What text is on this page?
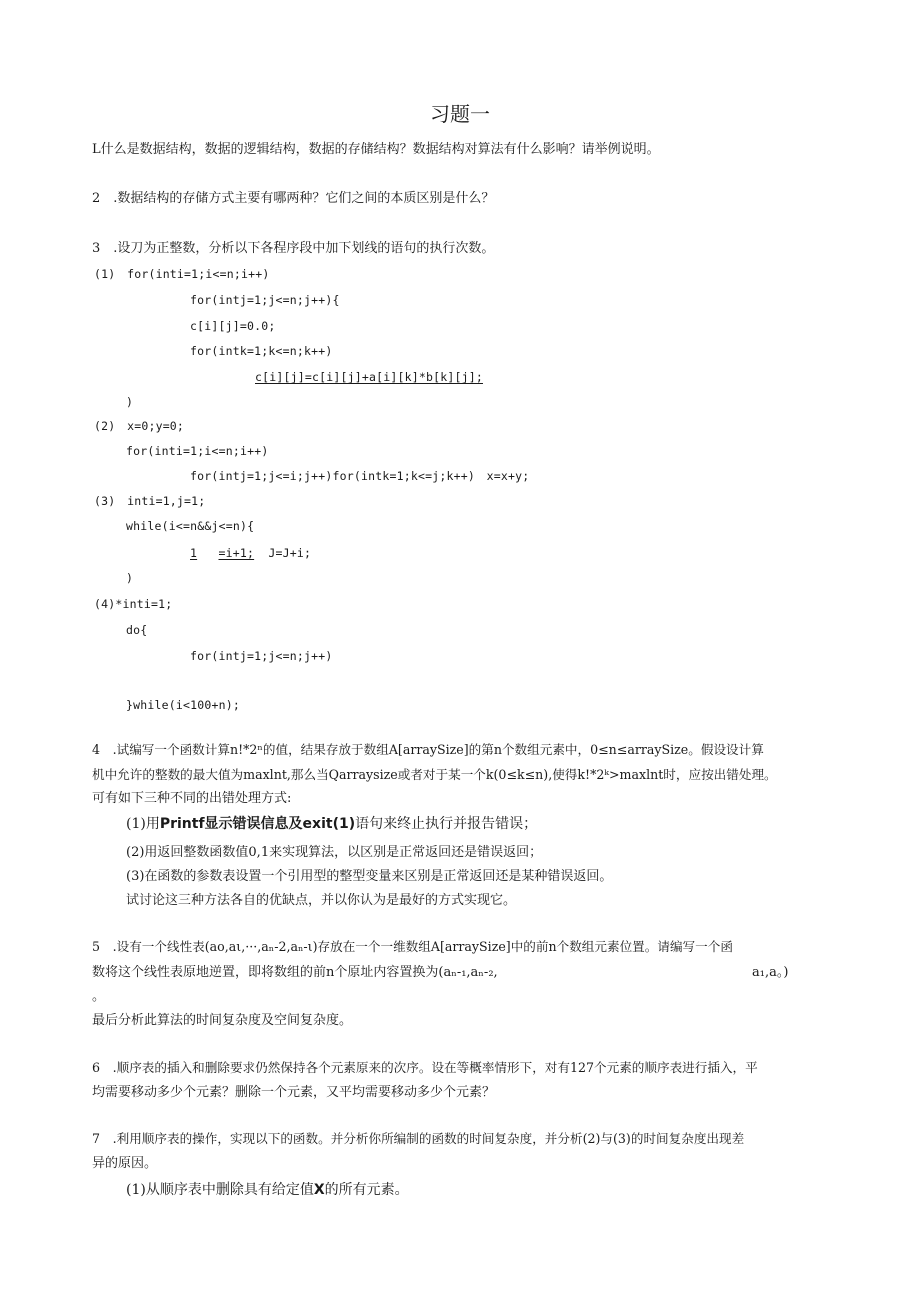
习题一
L什么是数据结构，数据的逻辑结构，数据的存储结构？数据结构对算法有什么影响？请举例说明。
2　.数据结构的存储方式主要有哪两种？它们之间的本质区别是什么？
3　.设刀为正整数，分析以下各程序段中加下划线的语句的执行次数。
(1)　for(inti=1;i<=n;i++)
for(intj=1;j<=n;j++){
c[i][j]=0.0;
for(intk=1;k<=n;k++)
c[i][j]=c[i][j]+a[i][k]*b[k][j];
)
(2)　x=0;y=0;
for(inti=1;i<=n;i++)
for(intj=1;j<=i;j++)for(intk=1;k<=j;k++)　x=x+y;
(3)　inti=1,j=1;
while(i<=n&&j<=n){
1 =i+1; J=J+i;
)
(4)*inti=1;
do{
for(intj=1;j<=n;j++)
}while(i<100+n);
4　.试编写一个函数计算n!*2ⁿ的值，结果存放于数组A[arraySize]的第n个数组元素中，0≤n≤arraySize。假设设计算
机中允许的整数的最大值为maxlnt,那么当Qarraysize或者对于某一个k(0≤k≤n),使得k!*2ᵏ>maxlnt时，应按出错处理。
可有如下三种不同的出错处理方式:
(1)用Printf显示错误信息及exit(1)语句来终止执行并报告错误；
(2)用返回整数函数值0,1来实现算法，以区别是正常返回还是错误返回；
(3)在函数的参数表设置一个引用型的整型变量来区别是正常返回还是某种错误返回。
试讨论这三种方法各自的优缺点，并以你认为是最好的方式实现它。
5　.设有一个线性表(ao,aι,···,aₙ-2,aₙ-ι)存放在一个一维数组A[arraySize]中的前n个数组元素位置。请编写一个函
数将这个线性表原地逆置，即将数组的前n个原址内容置换为(aₙ-₁,aₙ-₂,	a₁,a。)
。
最后分析此算法的时间复杂度及空间复杂度。
6　.顺序表的插入和删除要求仍然保持各个元素原来的次序。设在等概率情形下，对有127个元素的顺序表进行插入，平
均需要移动多少个元素？删除一个元素，又平均需要移动多少个元素？
7　.利用顺序表的操作，实现以下的函数。并分析你所编制的函数的时间复杂度，并分析(2)与(3)的时间复杂度出现差
异的原因。
(1)从顺序表中删除具有给定值X的所有元素。
